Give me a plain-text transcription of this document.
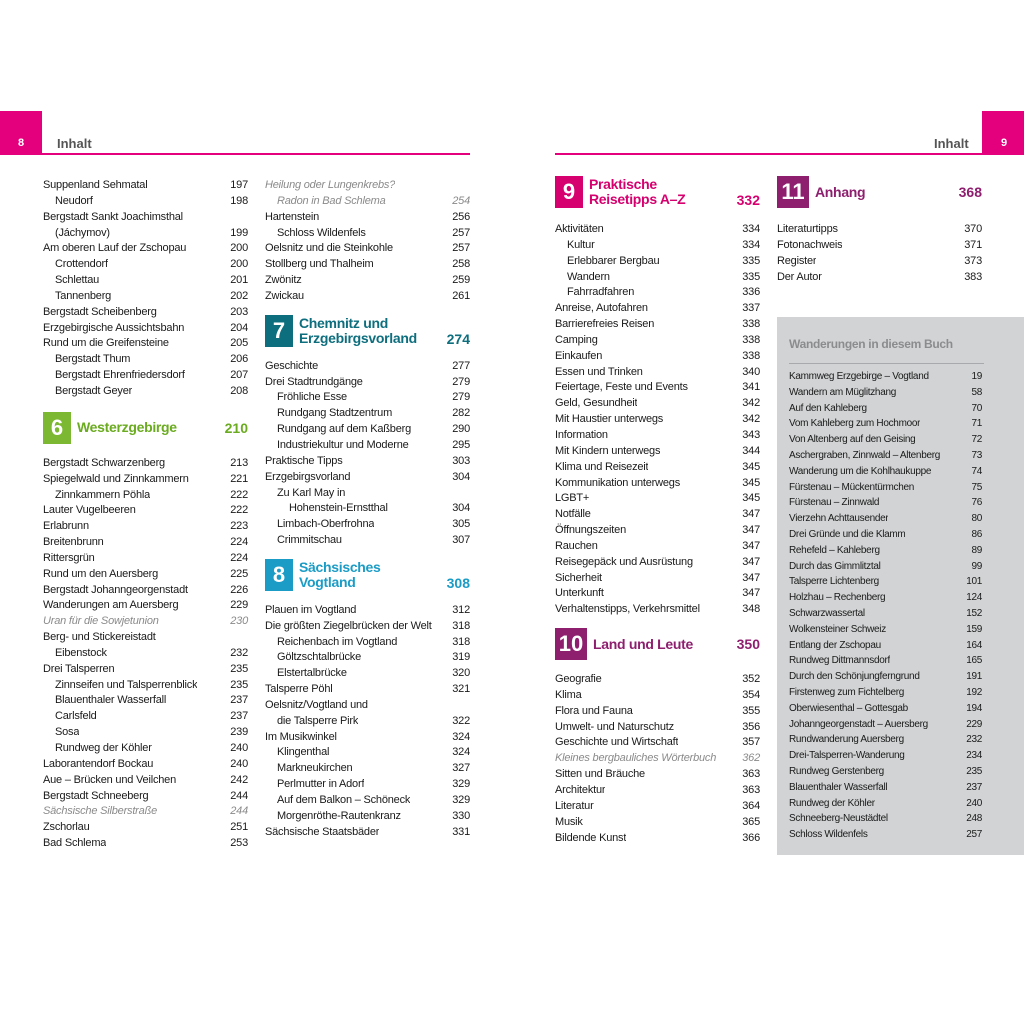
8	Inhalt	9
Inhalt
Suppenland Sehmatal	197
Neudorf	198
Bergstadt Sankt Joachimsthal
(Jáchymov)	199
Am oberen Lauf der Zschopau	200
Crottendorf	200
Schlettau	201
Tannenberg	202
Bergstadt Scheibenberg	203
Erzgebirgische Aussichtsbahn	204
Rund um die Greifensteine	205
Bergstadt Thum	206
Bergstadt Ehrenfriedersdorf	207
Bergstadt Geyer	208
6 Westerzgebirge	210
Bergstadt Schwarzenberg	213
Spiegelwald und Zinnkammern	221
Zinnkammern Pöhla	222
Lauter Vugelbeeren	222
Erlabrunn	223
Breitenbrunn	224
Rittersgrün	224
Rund um den Auersberg	225
Bergstadt Johanngeorgenstadt	226
Wanderungen am Auersberg	229
Uran für die Sowjetunion	230
Berg- und Stickereistadt
Eibenstock	232
Drei Talsperren	235
Zinnseifen und Talsperrenblick	235
Blauenthaler Wasserfall	237
Carlsfeld	237
Sosa	239
Rundweg der Köhler	240
Laborantendorf Bockau	240
Aue – Brücken und Veilchen	242
Bergstadt Schneeberg	244
Sächsische Silberstraße	244
Zschorlau	251
Bad Schlema	253
Heilung oder Lungenkrebs?
Radon in Bad Schlema	254
Hartenstein	256
Schloss Wildenfels	257
Oelsnitz und die Steinkohle	257
Stollberg und Thalheim	258
Zwönitz	259
Zwickau	261
7 Chemnitz und
Erzgebirgsvorland	274
Geschichte	277
Drei Stadtrundgänge	279
Fröhliche Esse	279
Rundgang Stadtzentrum	282
Rundgang auf dem Kaßberg	290
Industriekultur und Moderne	295
Praktische Tipps	303
Erzgebirgsvorland	304
Zu Karl May in
Hohenstein-Ernstthal	304
Limbach-Oberfrohna	305
Crimmitschau	307
8 Sächsisches
Vogtland	308
Plauen im Vogtland	312
Die größten Ziegelbrücken der Welt	318
Reichenbach im Vogtland	318
Göltzschtalbrücke	319
Elstertalbrücke	320
Talsperre Pöhl	321
Oelsnitz/Vogtland und
die Talsperre Pirk	322
Im Musikwinkel	324
Klingenthal	324
Markneukirchen	327
Perlmutter in Adorf	329
Auf dem Balkon – Schöneck	329
Morgenröthe-Rautenkranz	330
Sächsische Staatsbäder	331
9 Praktische
Reisetipps A–Z	332
Aktivitäten	334
Kultur	334
Erlebbarer Bergbau	335
Wandern	335
Fahrradfahren	336
Anreise, Autofahren	337
Barrierefreies Reisen	338
Camping	338
Einkaufen	338
Essen und Trinken	340
Feiertage, Feste und Events	341
Geld, Gesundheit	342
Mit Haustier unterwegs	342
Information	343
Mit Kindern unterwegs	344
Klima und Reisezeit	345
Kommunikation unterwegs	345
LGBT+	345
Notfälle	347
Öffnungszeiten	347
Rauchen	347
Reisegepäck und Ausrüstung	347
Sicherheit	347
Unterkunft	347
Verhaltenstipps, Verkehrsmittel	348
10 Land und Leute	350
Geografie	352
Klima	354
Flora und Fauna	355
Umwelt- und Naturschutz	356
Geschichte und Wirtschaft	357
Kleines bergbauliches Wörterbuch	362
Sitten und Bräuche	363
Architektur	363
Literatur	364
Musik	365
Bildende Kunst	366
11 Anhang	368
Literaturtipps	370
Fotonachweis	371
Register	373
Der Autor	383
Wanderungen in diesem Buch
Kammweg Erzgebirge – Vogtland	19
Wandern am Müglitzhang	58
Auf den Kahleberg	70
Vom Kahleberg zum Hochmoor	71
Von Altenberg auf den Geising	72
Aschergraben, Zinnwald – Altenberg	73
Wanderung um die Kohlhaukuppe	74
Fürstenau – Mückentürmchen	75
Fürstenau – Zinnwald	76
Vierzehn Achttausender	80
Drei Gründe und die Klamm	86
Rehefeld – Kahleberg	89
Durch das Gimmlitztal	99
Talsperre Lichtenberg	101
Holzhau – Rechenberg	124
Schwarzwassertal	152
Wolkensteiner Schweiz	159
Entlang der Zschopau	164
Rundweg Dittmannsdorf	165
Durch den Schönjungferngrund	191
Firstenweg zum Fichtelberg	192
Oberwiesenthal – Gottesgab	194
Johanngeorgenstadt – Auersberg	229
Rundwanderung Auersberg	232
Drei-Talsperren-Wanderung	234
Rundweg Gerstenberg	235
Blauenthaler Wasserfall	237
Rundweg der Köhler	240
Schneeberg-Neustädtel	248
Schloss Wildenfels	257
